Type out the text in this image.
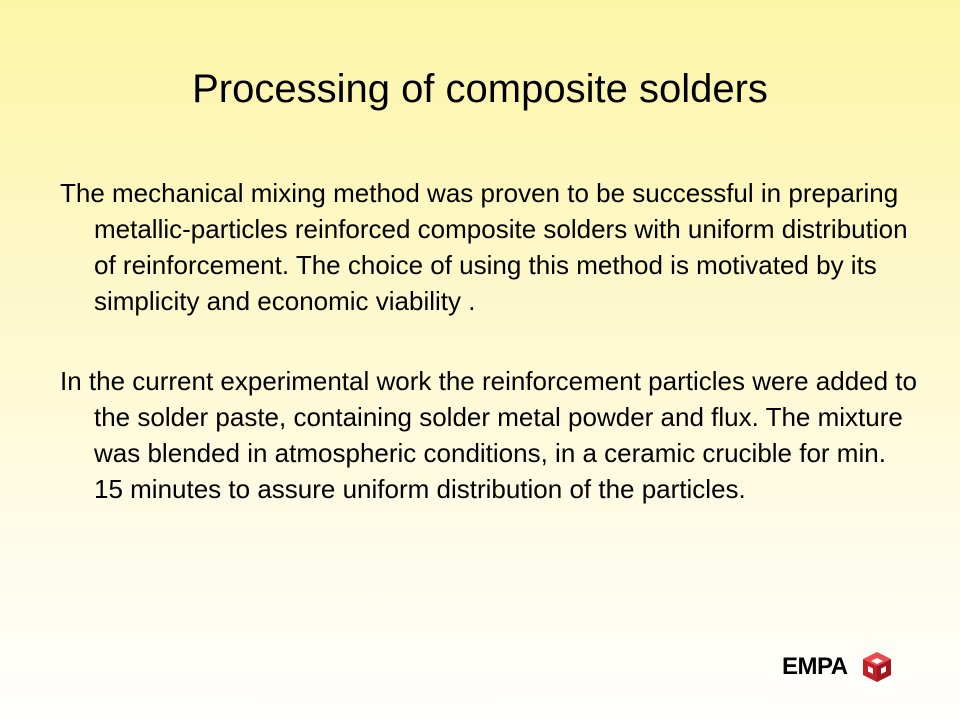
Processing of composite solders

The mechanical mixing method was proven to be successful in preparing metallic-particles reinforced composite solders with uniform distribution of reinforcement. The choice of using this method is motivated by its simplicity and economic viability .

In the current experimental work the reinforcement particles were added to the solder paste, containing solder metal powder and flux. The mixture was blended in atmospheric conditions, in a ceramic crucible for min. 15 minutes to assure uniform distribution of the particles.

EMPA
